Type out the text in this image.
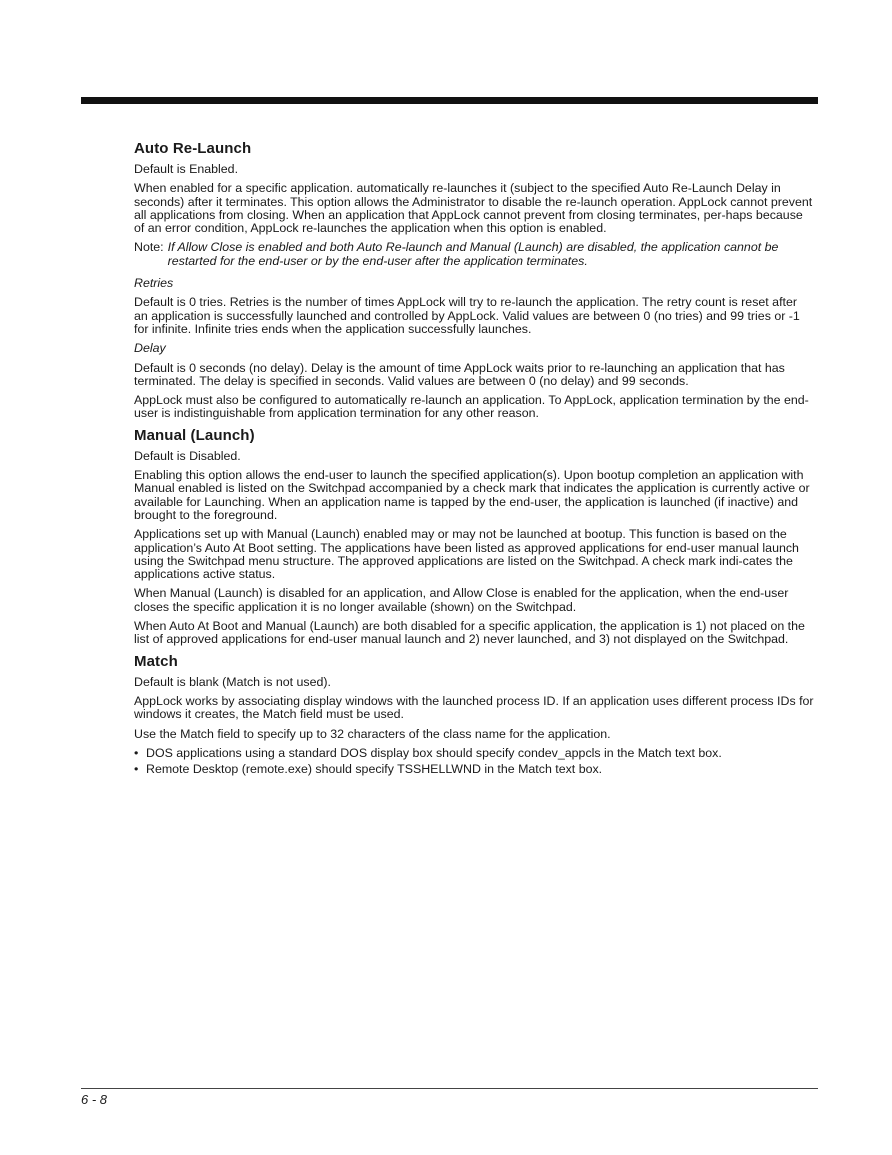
Auto Re-Launch
Default is Enabled.
When enabled for a specific application. automatically re-launches it (subject to the specified Auto Re-Launch Delay in seconds) after it terminates. This option allows the Administrator to disable the re-launch operation. AppLock cannot prevent all applications from closing. When an application that AppLock cannot prevent from closing terminates, per-haps because of an error condition, AppLock re-launches the application when this option is enabled.
Note: If Allow Close is enabled and both Auto Re-launch and Manual (Launch) are disabled, the application cannot be restarted for the end-user or by the end-user after the application terminates.
Retries
Default is 0 tries. Retries is the number of times AppLock will try to re-launch the application. The retry count is reset after an application is successfully launched and controlled by AppLock. Valid values are between 0 (no tries) and 99 tries or -1 for infinite. Infinite tries ends when the application successfully launches.
Delay
Default is 0 seconds (no delay). Delay is the amount of time AppLock waits prior to re-launching an application that has terminated. The delay is specified in seconds. Valid values are between 0 (no delay) and 99 seconds.
AppLock must also be configured to automatically re-launch an application. To AppLock, application termination by the end-user is indistinguishable from application termination for any other reason.
Manual (Launch)
Default is Disabled.
Enabling this option allows the end-user to launch the specified application(s). Upon bootup completion an application with Manual enabled is listed on the Switchpad accompanied by a check mark that indicates the application is currently active or available for Launching. When an application name is tapped by the end-user, the application is launched (if inactive) and brought to the foreground.
Applications set up with Manual (Launch) enabled may or may not be launched at bootup. This function is based on the application’s Auto At Boot setting. The applications have been listed as approved applications for end-user manual launch using the Switchpad menu structure. The approved applications are listed on the Switchpad. A check mark indi-cates the applications active status.
When Manual (Launch) is disabled for an application, and Allow Close is enabled for the application, when the end-user closes the specific application it is no longer available (shown) on the Switchpad.
When Auto At Boot and Manual (Launch) are both disabled for a specific application, the application is 1) not placed on the list of approved applications for end-user manual launch and 2) never launched, and 3) not displayed on the Switchpad.
Match
Default is blank (Match is not used).
AppLock works by associating display windows with the launched process ID. If an application uses different process IDs for windows it creates, the Match field must be used.
Use the Match field to specify up to 32 characters of the class name for the application.
• DOS applications using a standard DOS display box should specify condev_appcls in the Match text box.
• Remote Desktop (remote.exe) should specify TSSHELLWND in the Match text box.
6 - 8
